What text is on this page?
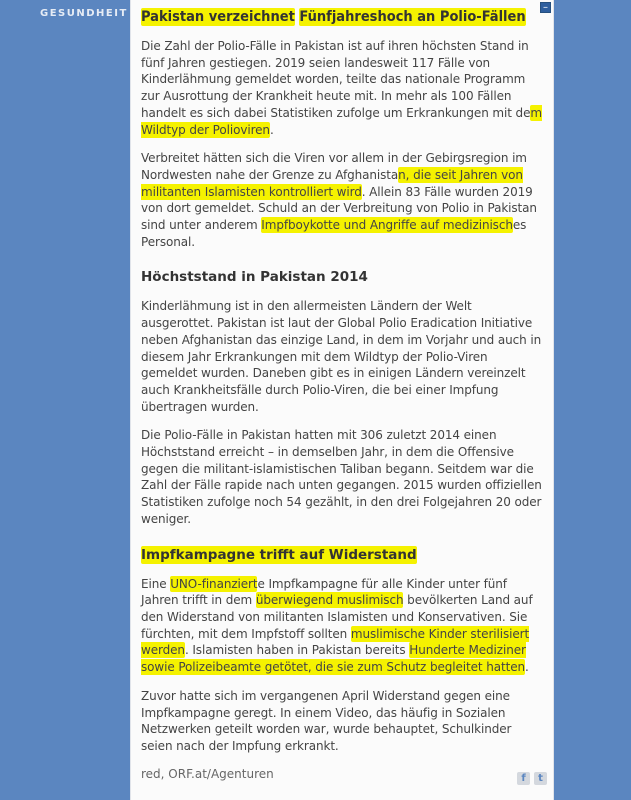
GESUNDHEIT
–
Pakistan verzeichnet Fünfjahreshoch an Polio-Fällen

Die Zahl der Polio-Fälle in Pakistan ist auf ihren höchsten Stand in fünf Jahren gestiegen. 2019 seien landesweit 117 Fälle von Kinderlähmung gemeldet worden, teilte das nationale Programm zur Ausrottung der Krankheit heute mit. In mehr als 100 Fällen handelt es sich dabei Statistiken zufolge um Erkrankungen mit dem Wildtyp der Polioviren.

Verbreitet hätten sich die Viren vor allem in der Gebirgsregion im Nordwesten nahe der Grenze zu Afghanistan, die seit Jahren von militanten Islamisten kontrolliert wird. Allein 83 Fälle wurden 2019 von dort gemeldet. Schuld an der Verbreitung von Polio in Pakistan sind unter anderem Impfboykotte und Angriffe auf medizinisches Personal.

Höchststand in Pakistan 2014

Kinderlähmung ist in den allermeisten Ländern der Welt ausgerottet. Pakistan ist laut der Global Polio Eradication Initiative neben Afghanistan das einzige Land, in dem im Vorjahr und auch in diesem Jahr Erkrankungen mit dem Wildtyp der Polio-Viren gemeldet wurden. Daneben gibt es in einigen Ländern vereinzelt auch Krankheitsfälle durch Polio-Viren, die bei einer Impfung übertragen wurden.

Die Polio-Fälle in Pakistan hatten mit 306 zuletzt 2014 einen Höchststand erreicht – in demselben Jahr, in dem die Offensive gegen die militant-islamistischen Taliban begann. Seitdem war die Zahl der Fälle rapide nach unten gegangen. 2015 wurden offiziellen Statistiken zufolge noch 54 gezählt, in den drei Folgejahren 20 oder weniger.

Impfkampagne trifft auf Widerstand

Eine UNO-finanzierte Impfkampagne für alle Kinder unter fünf Jahren trifft in dem überwiegend muslimisch bevölkerten Land auf den Widerstand von militanten Islamisten und Konservativen. Sie fürchten, mit dem Impfstoff sollten muslimische Kinder sterilisiert werden. Islamisten haben in Pakistan bereits Hunderte Mediziner sowie Polizeibeamte getötet, die sie zum Schutz begleitet hatten.

Zuvor hatte sich im vergangenen April Widerstand gegen eine Impfkampagne geregt. In einem Video, das häufig in Sozialen Netzwerken geteilt worden war, wurde behauptet, Schulkinder seien nach der Impfung erkrankt.

red, ORF.at/Agenturen	f	t
